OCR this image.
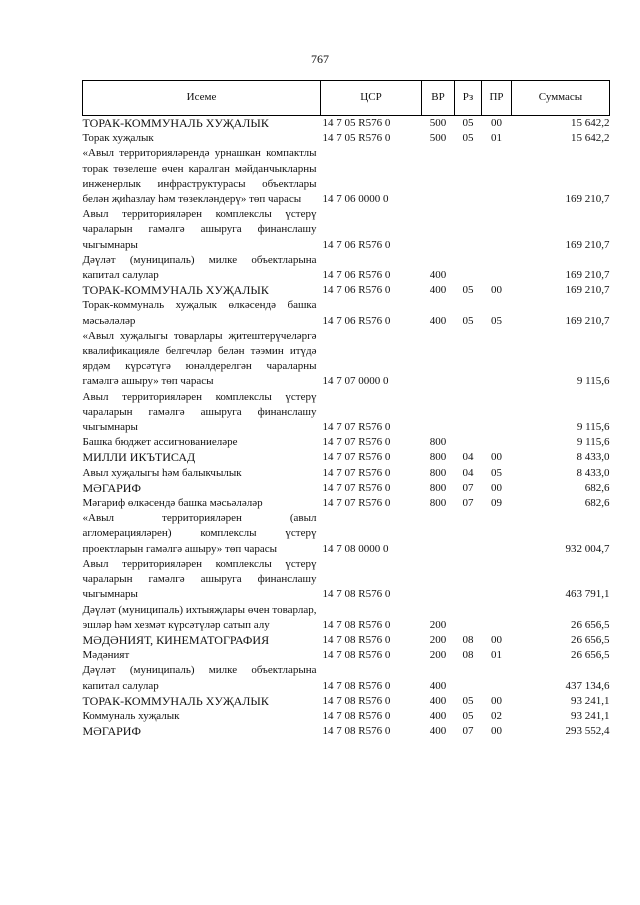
767
Исеме	ЦСР	ВР	Рз	ПР	Суммасы
ТОРАК-КОММУНАЛЬ ХУҖАЛЫК	14 7 05 R576 0	500	05	00	15 642,2
Торак хуҗалык	14 7 05 R576 0	500	05	01	15 642,2
«Авыл территорияләрендә урнашкан компактлы торак төзелеше өчен каралган мәйданчыкларны инженерлык инфраструктурасы объектлары белән җиһазлау һәм төзекләндерү» төп чарасы	14 7 06 0000 0				169 210,7
Авыл территорияләрен комплекслы үстерү чараларын гамәлгә ашыруга финанслашу чыгымнары	14 7 06 R576 0				169 210,7
Дәүләт (муниципаль) милке объектларына капитал салулар	14 7 06 R576 0	400			169 210,7
ТОРАК-КОММУНАЛЬ ХУҖАЛЫК	14 7 06 R576 0	400	05	00	169 210,7
Торак-коммуналь хуҗалык өлкәсендә башка мәсьәләләр	14 7 06 R576 0	400	05	05	169 210,7
«Авыл хуҗалыгы товарлары җитештерүчеләргә квалификацияле белгечләр белән тәэмин итүдә ярдәм күрсәтүгә юнәлдерелгән чараларны гамәлгә ашыру» төп чарасы	14 7 07 0000 0				9 115,6
Авыл территорияләрен комплекслы үстерү чараларын гамәлгә ашыруга финанслашу чыгымнары	14 7 07 R576 0				9 115,6
Башка бюджет ассигнованиеләре	14 7 07 R576 0	800			9 115,6
МИЛЛИ ИКЪТИСАД	14 7 07 R576 0	800	04	00	8 433,0
Авыл хуҗалыгы һәм балыкчылык	14 7 07 R576 0	800	04	05	8 433,0
МӘГАРИФ	14 7 07 R576 0	800	07	00	682,6
Мәгариф өлкәсендә башка мәсьәләләр	14 7 07 R576 0	800	07	09	682,6
«Авыл территорияләрен (авыл агломерацияләрен) комплекслы үстерү проектларын гамәлгә ашыру» төп чарасы	14 7 08 0000 0				932 004,7
Авыл территорияләрен комплекслы үстерү чараларын гамәлгә ашыруга финанслашу чыгымнары	14 7 08 R576 0				463 791,1
Дәүләт (муниципаль) ихтыяҗлары өчен товарлар, эшләр һәм хезмәт күрсәтүләр сатып алу	14 7 08 R576 0	200			26 656,5
МӘДӘНИЯТ, КИНЕМАТОГРАФИЯ	14 7 08 R576 0	200	08	00	26 656,5
Мәдәният	14 7 08 R576 0	200	08	01	26 656,5
Дәүләт (муниципаль) милке объектларына капитал салулар	14 7 08 R576 0	400			437 134,6
ТОРАК-КОММУНАЛЬ ХУҖАЛЫК	14 7 08 R576 0	400	05	00	93 241,1
Коммуналь хуҗалык	14 7 08 R576 0	400	05	02	93 241,1
МӘГАРИФ	14 7 08 R576 0	400	07	00	293 552,4
